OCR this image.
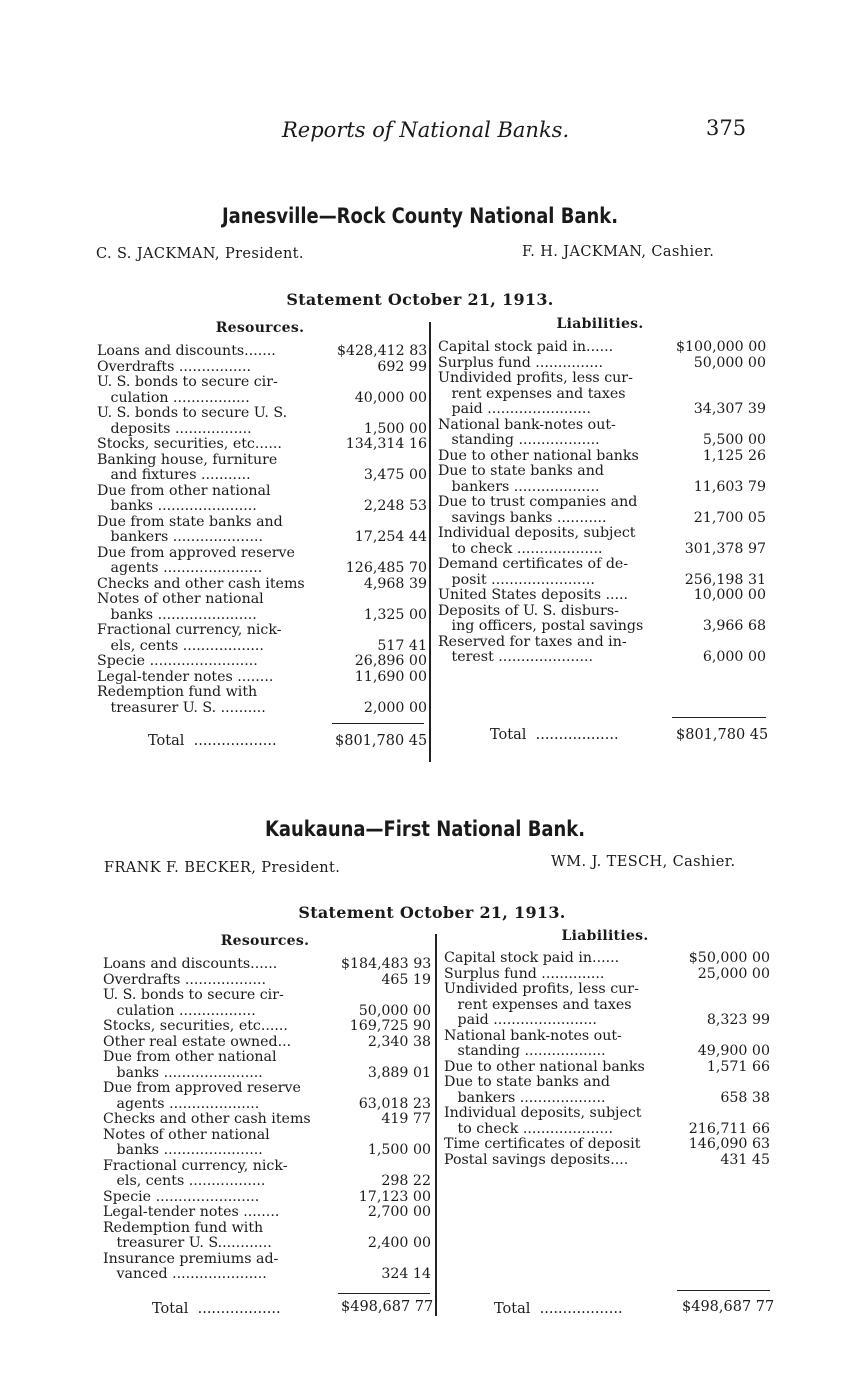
Reports of National Banks.	375
Janesville—Rock County National Bank.
C. S. JACKMAN, President.	F. H. JACKMAN, Cashier.
Statement October 21, 1913.
Resources.	Liabilities.
Loans and discounts.......	$428,412 83
Overdrafts ................	692 99
U. S. bonds to secure cir-
culation .................	40,000 00
U. S. bonds to secure U. S.
deposits .................	1,500 00
Stocks, securities, etc......	134,314 16
Banking house, furniture
and fixtures ...........	3,475 00
Due from other national
banks ......................	2,248 53
Due from state banks and
bankers ....................	17,254 44
Due from approved reserve
agents ......................	126,485 70
Checks and other cash items	4,968 39
Notes of other national
banks ......................	1,325 00
Fractional currency, nick-
els, cents ..................	517 41
Specie ........................	26,896 00
Legal-tender notes ........	11,690 00
Redemption fund with
treasurer U. S. ..........	2,000 00
Capital stock paid in......	$100,000 00
Surplus fund ...............	50,000 00
Undivided profits, less cur-
rent expenses and taxes
paid .......................	34,307 39
National bank-notes out-
standing ..................	5,500 00
Due to other national banks	1,125 26
Due to state banks and
bankers ...................	11,603 79
Due to trust companies and
savings banks ...........	21,700 05
Individual deposits, subject
to check ...................	301,378 97
Demand certificates of de-
posit .......................	256,198 31
United States deposits .....	10,000 00
Deposits of U. S. disburs-
ing officers, postal savings	3,966 68
Reserved for taxes and in-
terest .....................	6,000 00
Total  ..................	$801,780 45	Total  ..................	$801,780 45
Kaukauna—First National Bank.
FRANK F. BECKER, President.	WM. J. TESCH, Cashier.
Statement October 21, 1913.
Resources.	Liabilities.
Loans and discounts......	$184,483 93
Overdrafts ..................	465 19
U. S. bonds to secure cir-
culation .................	50,000 00
Stocks, securities, etc......	169,725 90
Other real estate owned...	2,340 38
Due from other national
banks ......................	3,889 01
Due from approved reserve
agents ....................	63,018 23
Checks and other cash items	419 77
Notes of other national
banks ......................	1,500 00
Fractional currency, nick-
els, cents .................	298 22
Specie .......................	17,123 00
Legal-tender notes ........	2,700 00
Redemption fund with
treasurer U. S............	2,400 00
Insurance premiums ad-
vanced .....................	324 14
Capital stock paid in......	$50,000 00
Surplus fund ..............	25,000 00
Undivided profits, less cur-
rent expenses and taxes
paid .......................	8,323 99
National bank-notes out-
standing ..................	49,900 00
Due to other national banks	1,571 66
Due to state banks and
bankers ...................	658 38
Individual deposits, subject
to check ....................	216,711 66
Time certificates of deposit	146,090 63
Postal savings deposits....	431 45
Total  ..................	$498,687 77	Total  ..................	$498,687 77
